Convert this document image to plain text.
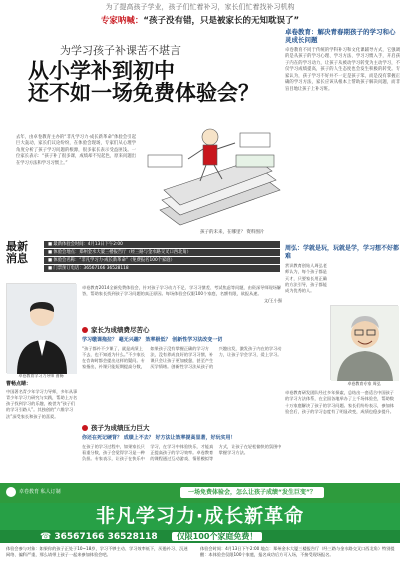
为了提高孩子学业，孩子们忙着补习，家长们忙着找补习机构
专家呐喊：“孩子没有错，只是被家长的无知耽误了”
为学习孩子补课苦不堪言
从小学补到初中
还不如一场免费体验会？
卓卷教育：解决青春期孩子的学习和心灵成长问题
卓卷教育不同于传统的学科补习和文化课辅导方式，它强调的是从孩子的学习心理、学习方法、学习习惯入手，开启孩子内在的学习动力，让孩子从被动学习转变为主动学习，不仅学习成绩提高，孩子的人生态度也会发生积极的转变。专家认为，孩子学习不好并不一定是孩子笨，而是没有掌握正确的学习方法，家长应该从根本上帮助孩子解决问题，而非盲目地让孩子上补习班。
孩子的未来，在哪里？ 资料图片
去年，由卓卷教育主办的“非凡学习力·成长新革命”体验会引起巨大轰动，家长们议论纷纷，在体验会现场，专家们从心理学角度分析了孩子学习问题的根源，很多家长表示受益匪浅。一位家长表示：“孩子补了很多课，成绩却不见起色，原来问题出在学习方法和学习习惯上。”
最新
消息
■ 最新体验会时间：4月13日下午2:00
■ 体验会地点：郑州金水大厦三楼报告厅（经三路与金水路交叉口西北角）
■ 体验会名称：“非凡学习力·成长新革命”（免费报名100个家庭）
■ 门票预订电话：36567166 36528118
卓卷教育学习力导师 曹畅
卓卷教育2014全新免费体验会，针对孩子学习动力不足、学习习惯差、考试焦虑等问题，由资深导师现场解答，帮助家长找到孩子学习问题的真正原因。每场体验会仅限100个家庭，名额有限，欲报从速。
文/王小强
家长为成绩费尽苦心
学习缴课拖拉？ 毫无兴趣？ 效率极低？ 创新性学习法改变一切
“孩子都补不少课了，就是成绩上不去，也不知道为什么。”不少家长在咨询时都会提出这样的疑问。专家指出，补课只能短期提高分数，如果孩子没有掌握正确的学习方法，没有养成良好的学习习惯，补课只会让孩子更加疲惫，甚至产生厌学情绪。创新性学习法从孩子的兴趣出发，激发孩子内在的学习动力，让孩子学会学习，爱上学习。
孩子为成绩压力巨大
你还在死记硬背？ 成绩上不去？ 好方法让效率提高显著，好玩实用！
在孩子的学习过程中，如果家长只看重分数，孩子会觉得学习是一种负担。专家表示，让孩子在快乐中学习，在学习中体验快乐，才能真正提高孩子的学习效率。卓卷教育的课程通过互动游戏、情景模拟等方式，让孩子在轻松愉快的氛围中掌握学习方法。
曹畅点睛：
中国著名青少年学习力导师，多年从事青少年学习力研究与实践，帮助上万名孩子找到学习的乐趣，被誉为“孩子们的学习引路人”。其独创的“六维学习法”深受家长和孩子的喜爱。
周弘：学就是玩，玩就是学，学习想不好都难
赏识教育创始人周弘老师认为，每个孩子都是天才，只要家长用正确的方法引导，孩子都能成为优秀的人。
卓卷教育专家 周弘
卓卷教育研发团队经过多年探索，总结出一套适合中国孩子的学习方法体系，在全国各地举办了上千场体验会，帮助数十万家庭解决了孩子的学习问题。家长们纷纷表示，参加体验会后，孩子的学习态度有了明显改变，成绩也稳步提升。
卓卷教育 私人订制	一场免费体验会，怎么让孩子成绩“发生巨变”？
非凡学习力·成长新革命
☎ 36567166 36528118 仅限100个家庭免费！
体验会参与对象：如果你的孩子正处于10~18岁，学习不够主动、学习效率低下，厌倦补习、沉迷网络、偏科严重，那么请带上孩子一起来参加体验会吧。
体验会时间：4月13日下午2:00 地点：郑州金水大厦三楼报告厅（经三路与金水路交叉口西北角）特别提醒：本体验会仅限100个家庭，报名成功后方可入场，不接受现场报名。
